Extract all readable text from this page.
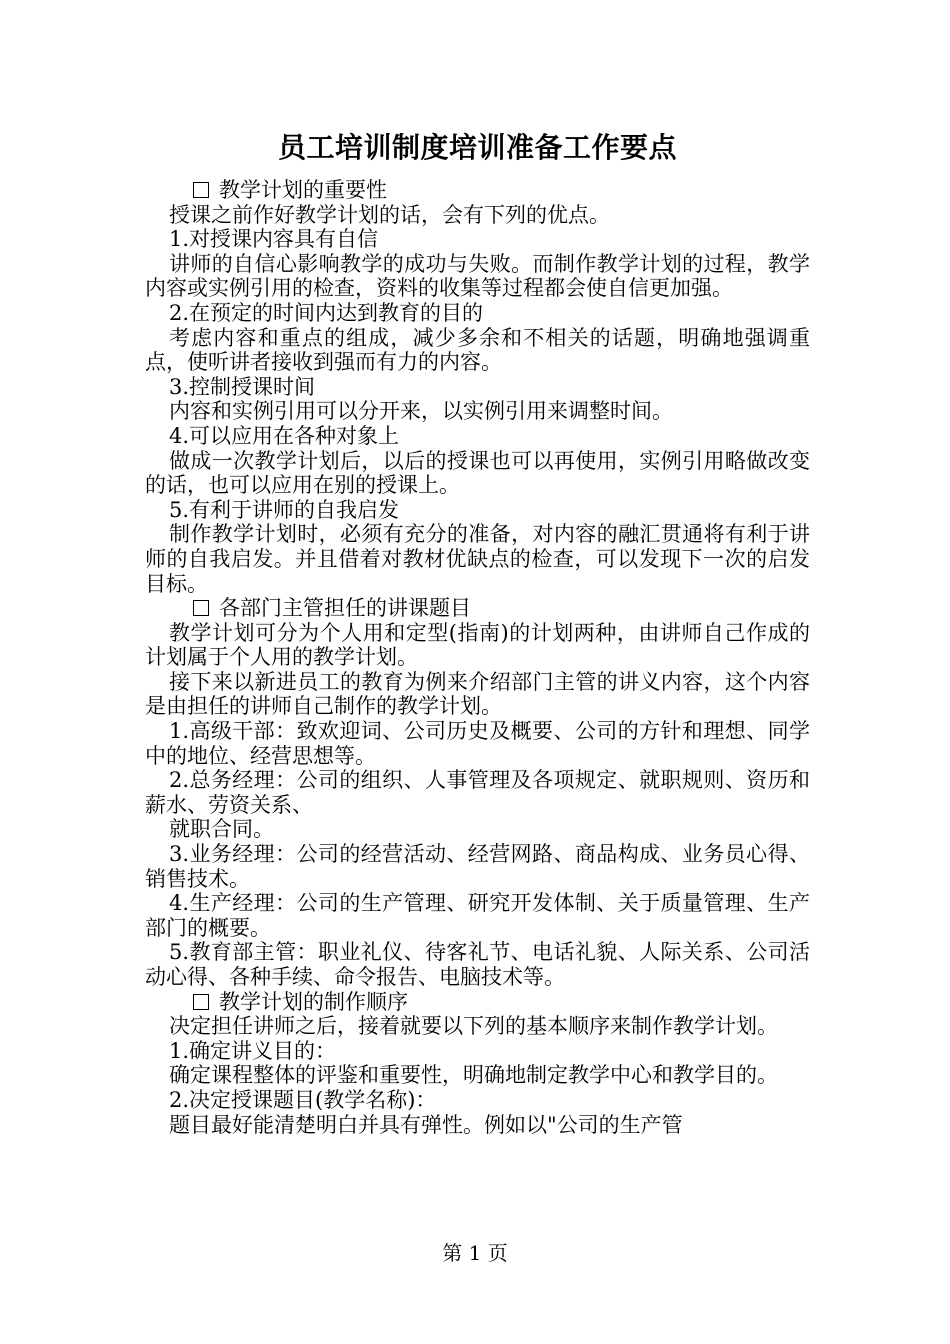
员工培训制度培训准备工作要点

教学计划的重要性

授课之前作好教学计划的话，会有下列的优点。

1.对授课内容具有自信

讲师的自信心影响教学的成功与失败。而制作教学计划的过程，教学内容或实例引用的检查，资料的收集等过程都会使自信更加强。

2.在预定的时间内达到教育的目的

考虑内容和重点的组成，减少多余和不相关的话题，明确地强调重点，使听讲者接收到强而有力的内容。

3.控制授课时间

内容和实例引用可以分开来，以实例引用来调整时间。

4.可以应用在各种对象上

做成一次教学计划后，以后的授课也可以再使用，实例引用略做改变的话，也可以应用在别的授课上。

5.有利于讲师的自我启发

制作教学计划时，必须有充分的准备，对内容的融汇贯通将有利于讲师的自我启发。并且借着对教材优缺点的检查，可以发现下一次的启发目标。

各部门主管担任的讲课题目

教学计划可分为个人用和定型(指南)的计划两种，由讲师自己作成的计划属于个人用的教学计划。

接下来以新进员工的教育为例来介绍部门主管的讲义内容，这个内容是由担任的讲师自己制作的教学计划。

1.高级干部：致欢迎词、公司历史及概要、公司的方针和理想、同学中的地位、经营思想等。

2.总务经理：公司的组织、人事管理及各项规定、就职规则、资历和薪水、劳资关系、

就职合同。

3.业务经理：公司的经营活动、经营网路、商品构成、业务员心得、销售技术。

4.生产经理：公司的生产管理、研究开发体制、关于质量管理、生产部门的概要。

5.教育部主管：职业礼仪、待客礼节、电话礼貌、人际关系、公司活动心得、各种手续、命令报告、电脑技术等。

教学计划的制作顺序

决定担任讲师之后，接着就要以下列的基本顺序来制作教学计划。

1.确定讲义目的：

确定课程整体的评鉴和重要性，明确地制定教学中心和教学目的。

2.决定授课题目(教学名称)：

题目最好能清楚明白并具有弹性。例如以"公司的生产管

第 1 页
